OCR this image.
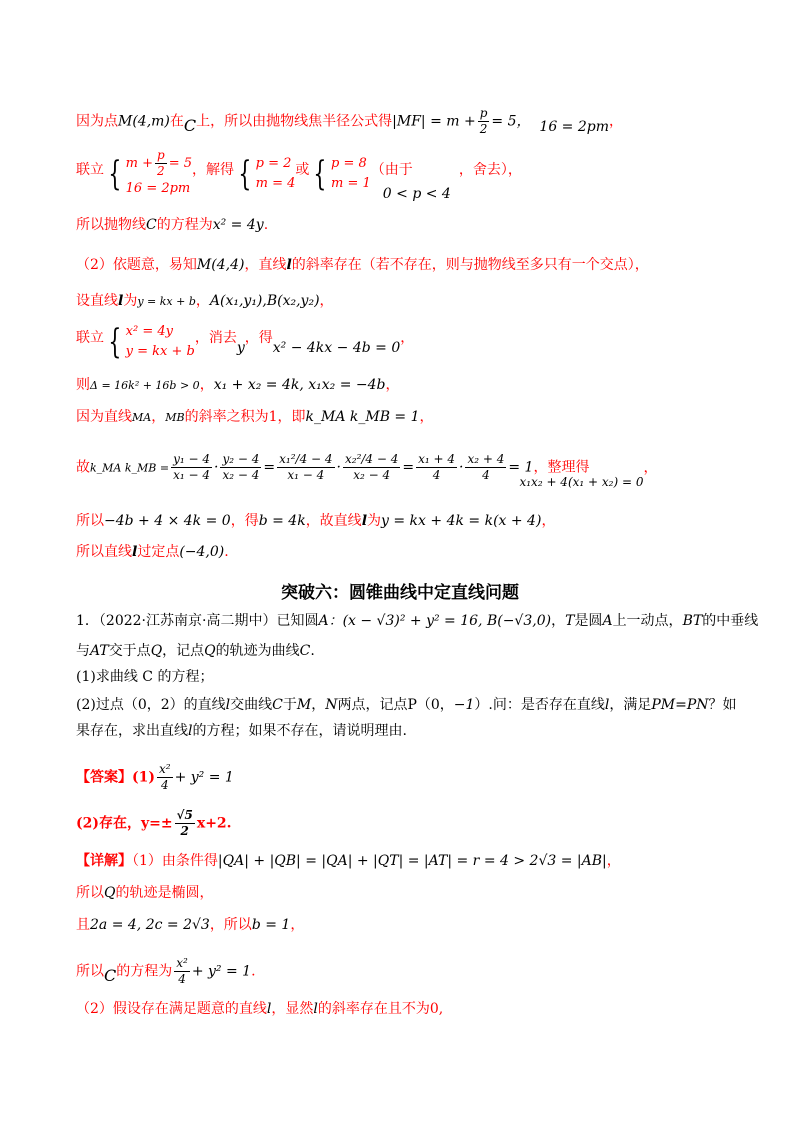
因为点M(4,m)在C上，所以由抛物线焦半径公式得$|MF| = m + \frac{p}{2} = 5$， 16 = 2pm，
联立 { $m + \frac{p}{2} = 5$
16 = 2pm
，解得 { p = 2
m = 4
或 { p = 8
m = 1
（由于0 < p < 4，舍去），
所以抛物线C的方程为x² = 4y.
（2）依题意，易知M(4,4)，直线l的斜率存在（若不存在，则与抛物线至多只有一个交点），
设直线l为y = kx + b，A(x₁,y₁),B(x₂,y₂)，
联立 { x² = 4y
y = kx + b
，消去y，得x² − 4kx − 4b = 0，
则Δ = 16k² + 16b > 0，x₁ + x₂ = 4k, x₁x₂ = −4b，
因为直线MA，MB的斜率之积为1，即k_MA k_MB = 1，
故k_MA k_MB = $\frac{\text{y₁ − 4}}{\text{x₁ − 4}} \cdot \frac{\text{y₂ − 4}}{\text{x₂ − 4}} = \frac{\text{x₁²/4 − 4}}{\text{x₁ − 4}} \cdot \frac{\text{x₂²/4 − 4}}{\text{x₂ − 4}} = \frac{\text{x₁ + 4}}{4} \cdot \frac{\text{x₂ + 4}}{4} = 1$，整理得x₁x₂ + 4(x₁ + x₂) = 0，
所以−4b + 4 × 4k = 0，得b = 4k，故直线l为y = kx + 4k = k(x + 4)，
所以直线l过定点(−4,0).
突破六：圆锥曲线中定直线问题
1．（2022·江苏南京·高二期中）已知圆A：(x − √3)² + y² = 16, B(−√3,0)，T是圆A上一动点，BT的中垂线
与AT交于点Q，记点Q的轨迹为曲线C.
(1)求曲线 C 的方程；
(2)过点（0，2）的直线l交曲线C于M，N两点，记点P（0，−1）.问：是否存在直线l，满足PM=PN？如
果存在，求出直线l的方程；如果不存在，请说明理由.
【答案】$(1) \frac{\text{x²}}{4} + y^2 = 1$
(2)存在，$y=\pm \frac{√5}{2} x+2$.
【详解】（1）由条件得|QA| + |QB| = |QA| + |QT| = |AT| = r = 4 > 2√3 = |AB|，
所以Q的轨迹是椭圆，
且2a = 4, 2c = 2√3，所以b = 1，
所以C的方程为 $\frac{\text{x²}}{4} + y^2 = 1$.
（2）假设存在满足题意的直线l，显然l的斜率存在且不为0,
